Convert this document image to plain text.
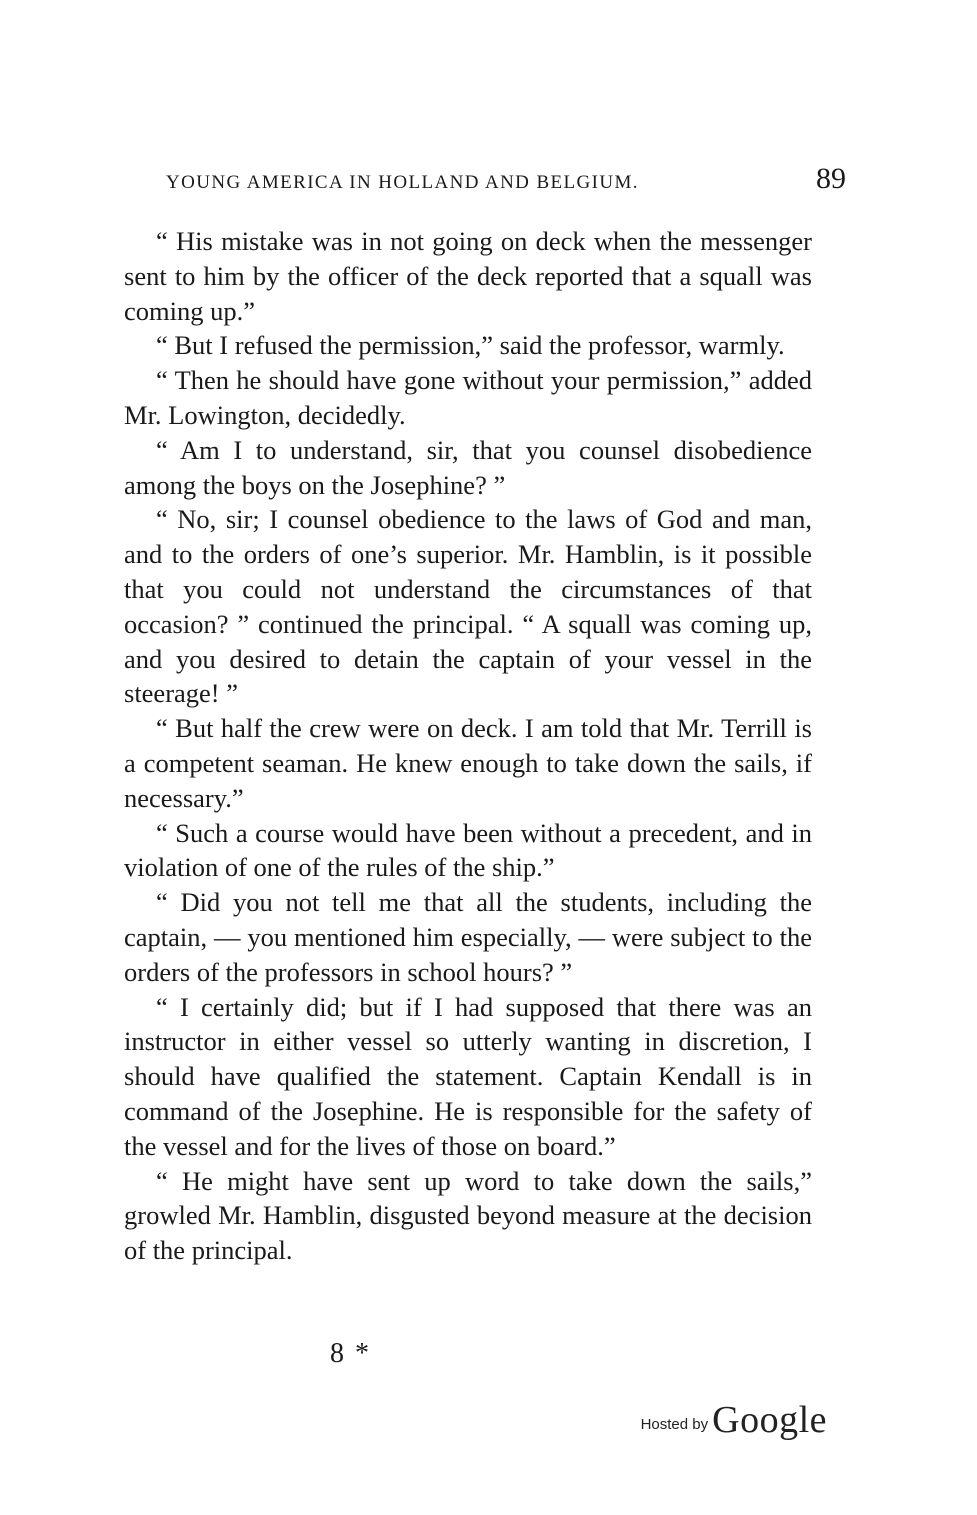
YOUNG AMERICA IN HOLLAND AND BELGIUM.	89

“ His mistake was in not going on deck when the messenger sent to him by the officer of the deck reported that a squall was coming up.”

“ But I refused the permission,” said the professor, warmly.

“ Then he should have gone without your permission,” added Mr. Lowington, decidedly.

“ Am I to understand, sir, that you counsel disobedience among the boys on the Josephine? ”

“ No, sir; I counsel obedience to the laws of God and man, and to the orders of one’s superior. Mr. Hamblin, is it possible that you could not understand the circumstances of that occasion? ” continued the principal. “ A squall was coming up, and you desired to detain the captain of your vessel in the steerage! ”

“ But half the crew were on deck. I am told that Mr. Terrill is a competent seaman. He knew enough to take down the sails, if necessary.”

“ Such a course would have been without a precedent, and in violation of one of the rules of the ship.”

“ Did you not tell me that all the students, including the captain, — you mentioned him especially, — were subject to the orders of the professors in school hours? ”

“ I certainly did; but if I had supposed that there was an instructor in either vessel so utterly wanting in discretion, I should have qualified the statement. Captain Kendall is in command of the Josephine. He is responsible for the safety of the vessel and for the lives of those on board.”

“ He might have sent up word to take down the sails,” growled Mr. Hamblin, disgusted beyond measure at the decision of the principal.

8 *
Hosted by Google
